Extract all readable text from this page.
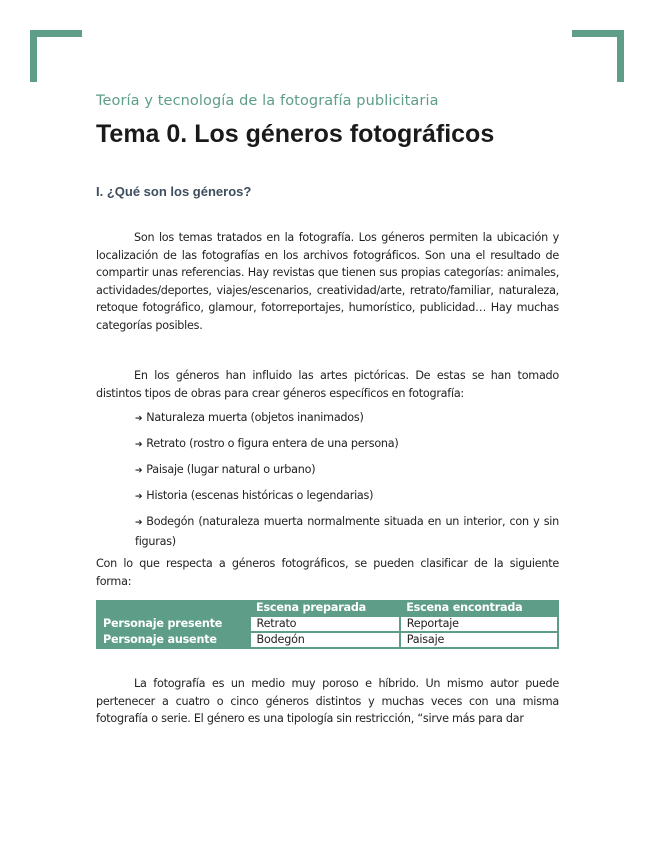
Teoría y tecnología de la fotografía publicitaria
Tema 0. Los géneros fotográficos
I. ¿Qué son los géneros?

Son los temas tratados en la fotografía. Los géneros permiten la ubicación y localización de las fotografías en los archivos fotográficos. Son una el resultado de compartir unas referencias. Hay revistas que tienen sus propias categorías: animales, actividades/deportes, viajes/escenarios, creatividad/arte, retrato/familiar, naturaleza, retoque fotográfico, glamour, fotorreportajes, humorístico, publicidad… Hay muchas categorías posibles.

En los géneros han influido las artes pictóricas. De estas se han tomado distintos tipos de obras para crear géneros específicos en fotografía:

➔ Naturaleza muerta (objetos inanimados)
➔ Retrato (rostro o figura entera de una persona)
➔ Paisaje (lugar natural o urbano)
➔ Historia (escenas históricas o legendarias)
➔ Bodegón (naturaleza muerta normalmente situada en un interior, con y sin figuras)

Con lo que respecta a géneros fotográficos, se pueden clasificar de la siguiente forma:

	Escena preparada	Escena encontrada
Personaje presente	Retrato	Reportaje
Personaje ausente	Bodegón	Paisaje

La fotografía es un medio muy poroso e híbrido. Un mismo autor puede pertenecer a cuatro o cinco géneros distintos y muchas veces con una misma fotografía o serie. El género es una tipología sin restricción, “sirve más para dar
